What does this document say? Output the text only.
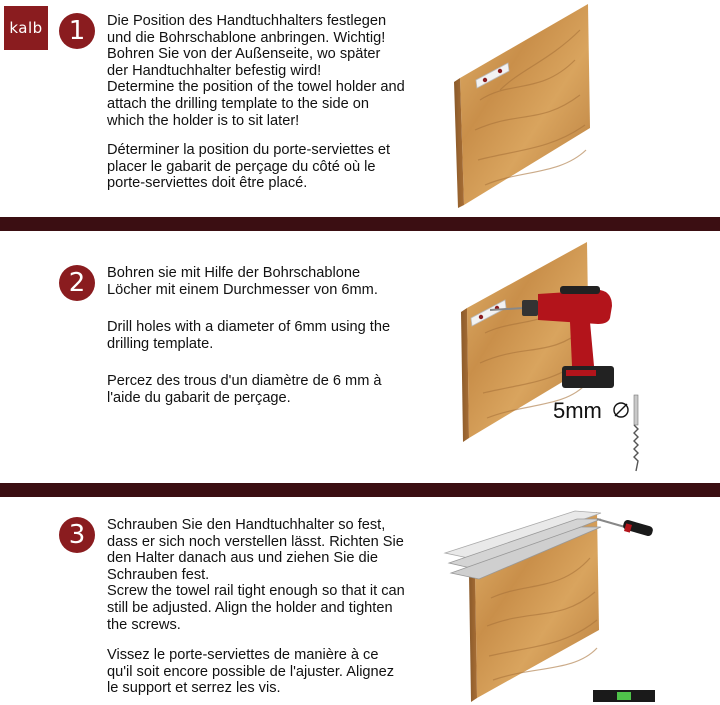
kalb 1 Die Position des Handtuchhalters festlegen
und die Bohrschablone anbringen. Wichtig!
Bohren Sie von der Außenseite, wo später
der Handtuchhalter befestig wird!

Determine the position of the towel holder and
attach the drilling template to the side on
which the holder is to sit later!

Déterminer la position du porte-serviettes et
placer le gabarit de perçage du côté où le
porte-serviettes doit être placé.

2 Bohren sie mit Hilfe der Bohrschablone
Löcher mit einem Durchmesser von 6mm.

Drill holes with a diameter of 6mm using the
drilling template.

Percez des trous d'un diamètre de 6 mm à
l'aide du gabarit de perçage.

5mm
3 Schrauben Sie den Handtuchhalter so fest,
dass er sich noch verstellen lässt. Richten Sie
den Halter danach aus und ziehen Sie die
Schrauben fest.

Screw the towel rail tight enough so that it can
still be adjusted. Align the holder and tighten
the screws.

Vissez le porte-serviettes de manière à ce
qu'il soit encore possible de l'ajuster. Alignez
le support et serrez les vis.
